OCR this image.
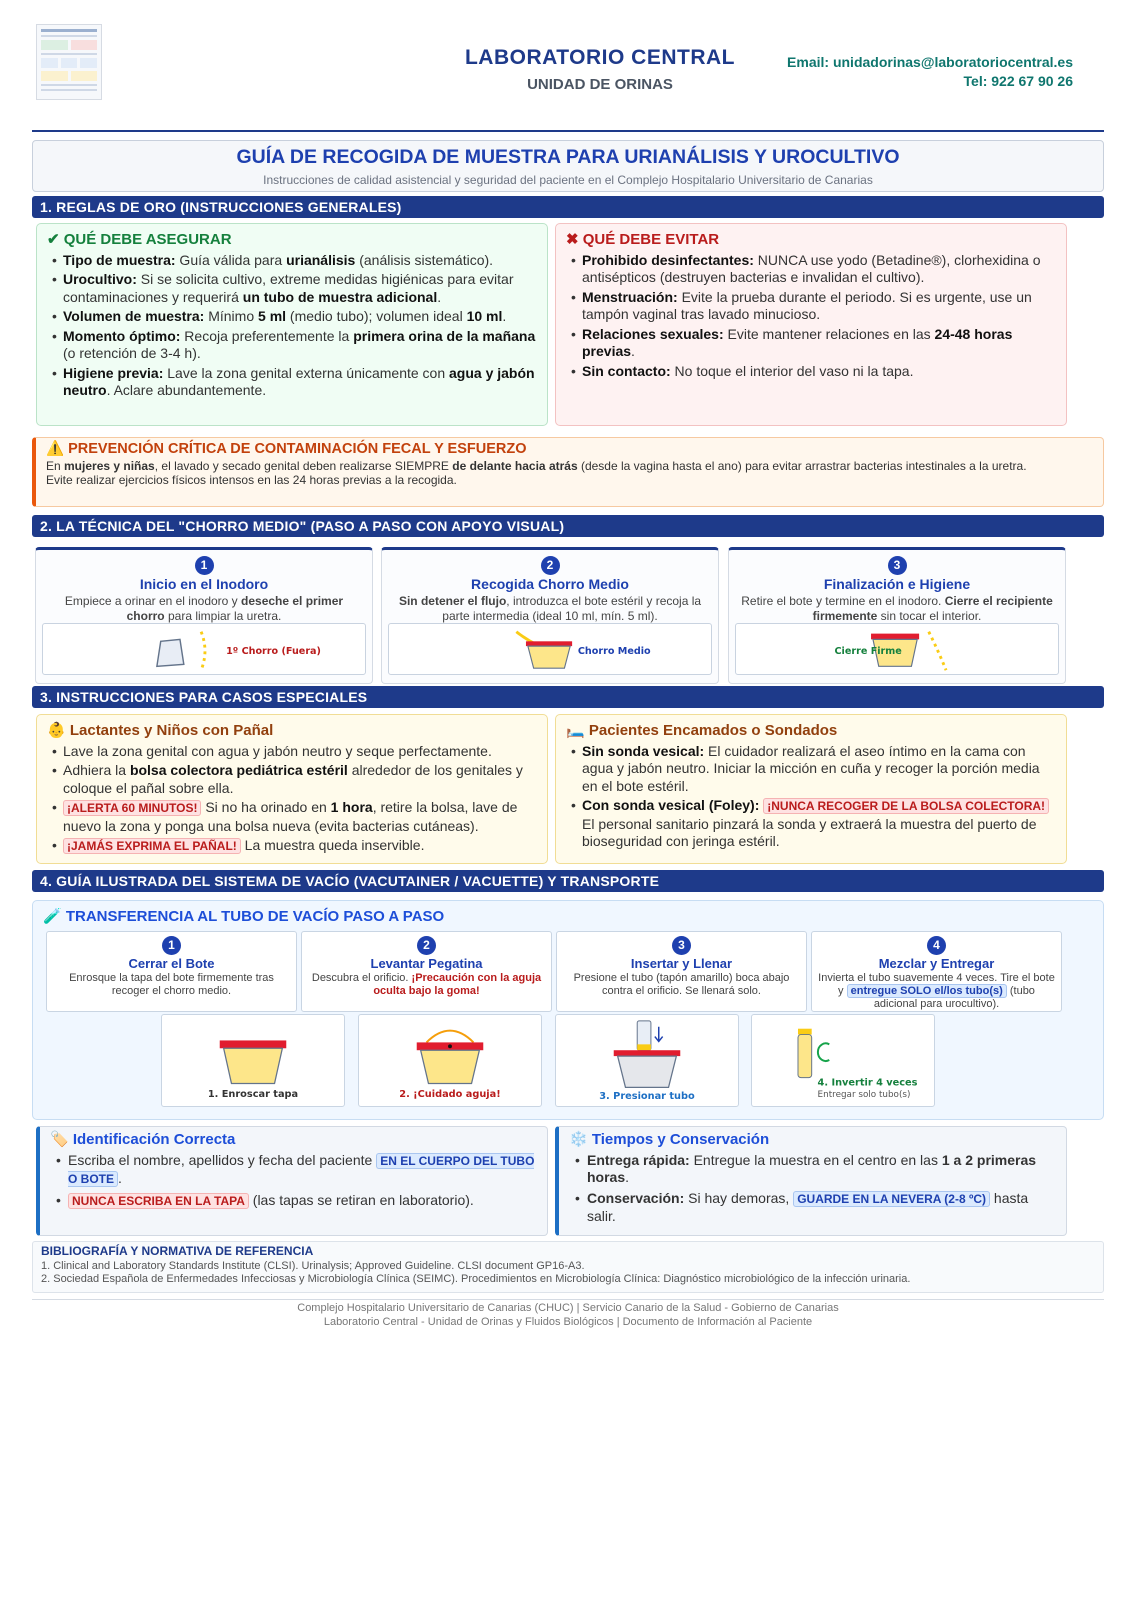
LABORATORIO CENTRAL
UNIDAD DE ORINAS
Email: unidadorinas@laboratoriocentral.es
Tel: 922 67 90 26
GUÍA DE RECOGIDA DE MUESTRA PARA URIANÁLISIS Y UROCULTIVO
Instrucciones de calidad asistencial y seguridad del paciente en el Complejo Hospitalario Universitario de Canarias
1. REGLAS DE ORO (INSTRUCCIONES GENERALES)
✔ QUÉ DEBE ASEGURAR
• Tipo de muestra: Guía válida para urianálisis (análisis sistemático).
• Urocultivo: Si se solicita cultivo, extreme medidas higiénicas para evitar contaminaciones y requerirá un tubo de muestra adicional.
• Volumen de muestra: Mínimo 5 ml (medio tubo); volumen ideal 10 ml.
• Momento óptimo: Recoja preferentemente la primera orina de la mañana (o retención de 3-4 h).
• Higiene previa: Lave la zona genital externa únicamente con agua y jabón neutro. Aclare abundantemente.
✖ QUÉ DEBE EVITAR
• Prohibido desinfectantes: NUNCA use yodo (Betadine®), clorhexidina o antisépticos (destruyen bacterias e invalidan el cultivo).
• Menstruación: Evite la prueba durante el periodo. Si es urgente, use un tampón vaginal tras lavado minucioso.
• Relaciones sexuales: Evite mantener relaciones en las 24-48 horas previas.
• Sin contacto: No toque el interior del vaso ni la tapa.
⚠️ PREVENCIÓN CRÍTICA DE CONTAMINACIÓN FECAL Y ESFUERZO
En mujeres y niñas, el lavado y secado genital deben realizarse SIEMPRE de delante hacia atrás (desde la vagina hasta el ano) para evitar arrastrar bacterias intestinales a la uretra.
Evite realizar ejercicios físicos intensos en las 24 horas previas a la recogida.
2. LA TÉCNICA DEL "CHORRO MEDIO" (PASO A PASO CON APOYO VISUAL)
1
Inicio en el Inodoro
Empiece a orinar en el inodoro y deseche el primer chorro para limpiar la uretra.
1º Chorro (Fuera)
2
Recogida Chorro Medio
Sin detener el flujo, introduzca el bote estéril y recoja la parte intermedia (ideal 10 ml, mín. 5 ml).
Chorro Medio
3
Finalización e Higiene
Retire el bote y termine en el inodoro. Cierre el recipiente firmemente sin tocar el interior.
Cierre Firme
3. INSTRUCCIONES PARA CASOS ESPECIALES
👶 Lactantes y Niños con Pañal
• Lave la zona genital con agua y jabón neutro y seque perfectamente.
• Adhiera la bolsa colectora pediátrica estéril alrededor de los genitales y coloque el pañal sobre ella.
• ¡ALERTA 60 MINUTOS! Si no ha orinado en 1 hora, retire la bolsa, lave de nuevo la zona y ponga una bolsa nueva (evita bacterias cutáneas).
• ¡JAMÁS EXPRIMA EL PAÑAL! La muestra queda inservible.
🛏️ Pacientes Encamados o Sondados
• Sin sonda vesical: El cuidador realizará el aseo íntimo en la cama con agua y jabón neutro. Iniciar la micción en cuña y recoger la porción media en el bote estéril.
• Con sonda vesical (Foley): ¡NUNCA RECOGER DE LA BOLSA COLECTORA! El personal sanitario pinzará la sonda y extraerá la muestra del puerto de bioseguridad con jeringa estéril.
4. GUÍA ILUSTRADA DEL SISTEMA DE VACÍO (VACUTAINER / VACUETTE) Y TRANSPORTE
🧪 TRANSFERENCIA AL TUBO DE VACÍO PASO A PASO
1
Cerrar el Bote
Enrosque la tapa del bote firmemente tras recoger el chorro medio.
2
Levantar Pegatina
Descubra el orificio. ¡Precaución con la aguja oculta bajo la goma!
3
Insertar y Llenar
Presione el tubo (tapón amarillo) boca abajo contra el orificio. Se llenará solo.
4
Mezclar y Entregar
Invierta el tubo suavemente 4 veces. Tire el bote y entregue SOLO el/los tubo(s) (tubo adicional para urocultivo).
1. Enroscar tapa	2. ¡Cuidado aguja!	3. Presionar tubo
4. Invertir 4 veces
Entregar solo tubo(s)
🏷️ Identificación Correcta
• Escriba el nombre, apellidos y fecha del paciente EN EL CUERPO DEL TUBO O BOTE .
• NUNCA ESCRIBA EN LA TAPA (las tapas se retiran en laboratorio).
❄️ Tiempos y Conservación
• Entrega rápida: Entregue la muestra en el centro en las 1 a 2 primeras horas.
• Conservación: Si hay demoras, GUARDE EN LA NEVERA (2-8 ºC) hasta salir.
BIBLIOGRAFÍA Y NORMATIVA DE REFERENCIA
1. Clinical and Laboratory Standards Institute (CLSI). Urinalysis; Approved Guideline. CLSI document GP16-A3.
2. Sociedad Española de Enfermedades Infecciosas y Microbiología Clínica (SEIMC). Procedimientos en Microbiología Clínica: Diagnóstico microbiológico de la infección urinaria.
Complejo Hospitalario Universitario de Canarias (CHUC) | Servicio Canario de la Salud - Gobierno de Canarias
Laboratorio Central - Unidad de Orinas y Fluidos Biológicos | Documento de Información al Paciente
